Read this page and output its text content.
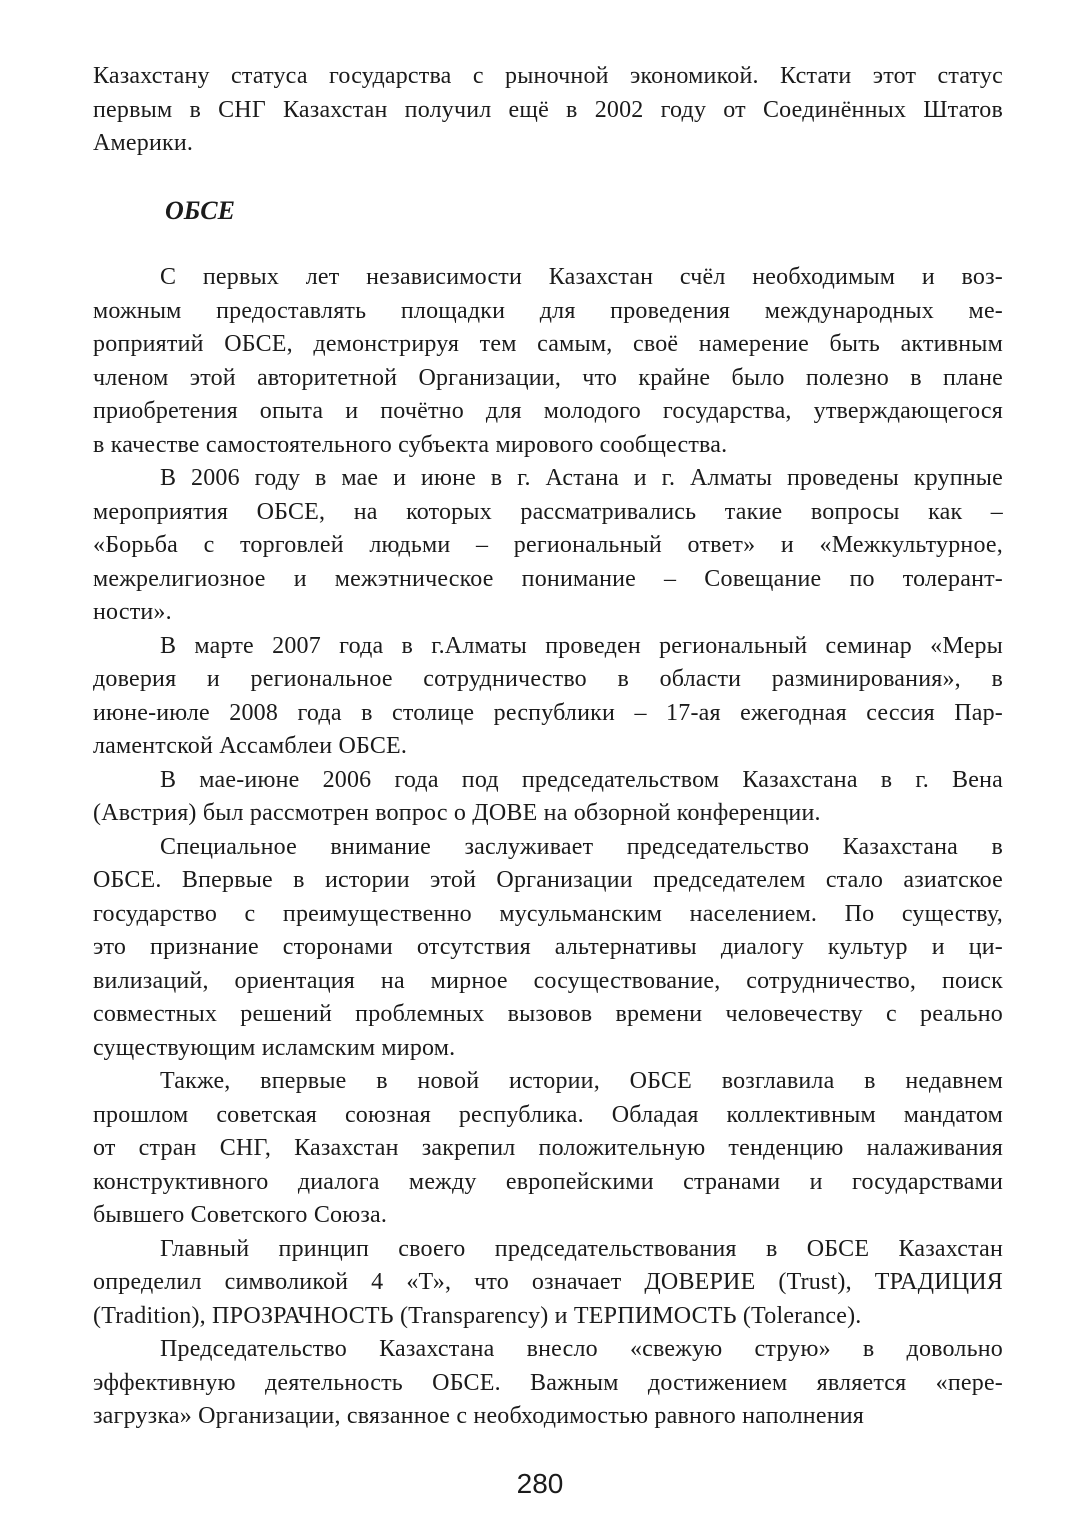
Казахстану статуса государства с рыночной экономикой. Кстати этот статус
первым в СНГ Казахстан получил ещё в 2002 году от Соединённых Штатов
Америки.
ОБСЕ
С первых лет независимости Казахстан счёл необходимым и воз-
можным предоставлять площадки для проведения международных ме-
роприятий ОБСЕ, демонстрируя тем самым, своё намерение быть активным
членом этой авторитетной Организации, что крайне было полезно в плане
приобретения опыта и почётно для молодого государства, утверждающегося
в качестве самостоятельного субъекта мирового сообщества.
В 2006 году в мае и июне в г. Астана и г. Алматы проведены крупные
мероприятия ОБСЕ, на которых рассматривались такие вопросы как –
«Борьба с торговлей людьми – региональный ответ» и «Межкультурное,
межрелигиозное и межэтническое понимание – Совещание по толерант-
ности».
В марте 2007 года в г.Алматы проведен региональный семинар «Меры
доверия и региональное сотрудничество в области разминирования», в
июне-июле 2008 года в столице республики – 17-ая ежегодная сессия Пар-
ламентской Ассамблеи ОБСЕ.
В мае-июне 2006 года под председательством Казахстана в г. Вена
(Австрия) был рассмотрен вопрос о ДОВЕ на обзорной конференции.
Специальное внимание заслуживает председательство Казахстана в
ОБСЕ. Впервые в истории этой Организации председателем стало азиатское
государство с преимущественно мусульманским населением. По существу,
это признание сторонами отсутствия альтернативы диалогу культур и ци-
вилизаций, ориентация на мирное сосуществование, сотрудничество, поиск
совместных решений проблемных вызовов времени человечеству с реально
существующим исламским миром.
Также, впервые в новой истории, ОБСЕ возглавила в недавнем
прошлом советская союзная республика. Обладая коллективным мандатом
от стран СНГ, Казахстан закрепил положительную тенденцию налаживания
конструктивного диалога между европейскими странами и государствами
бывшего Советского Союза.
Главный принцип своего председательствования в ОБСЕ Казахстан
определил символикой 4 «Т», что означает ДОВЕРИЕ (Trust), ТРАДИЦИЯ
(Tradition), ПРОЗРАЧНОСТЬ (Transparency) и ТЕРПИМОСТЬ (Tolerance).
Председательство Казахстана внесло «свежую струю» в довольно
эффективную деятельность ОБСЕ. Важным достижением является «пере-
загрузка» Организации, связанное с необходимостью равного наполнения
280
